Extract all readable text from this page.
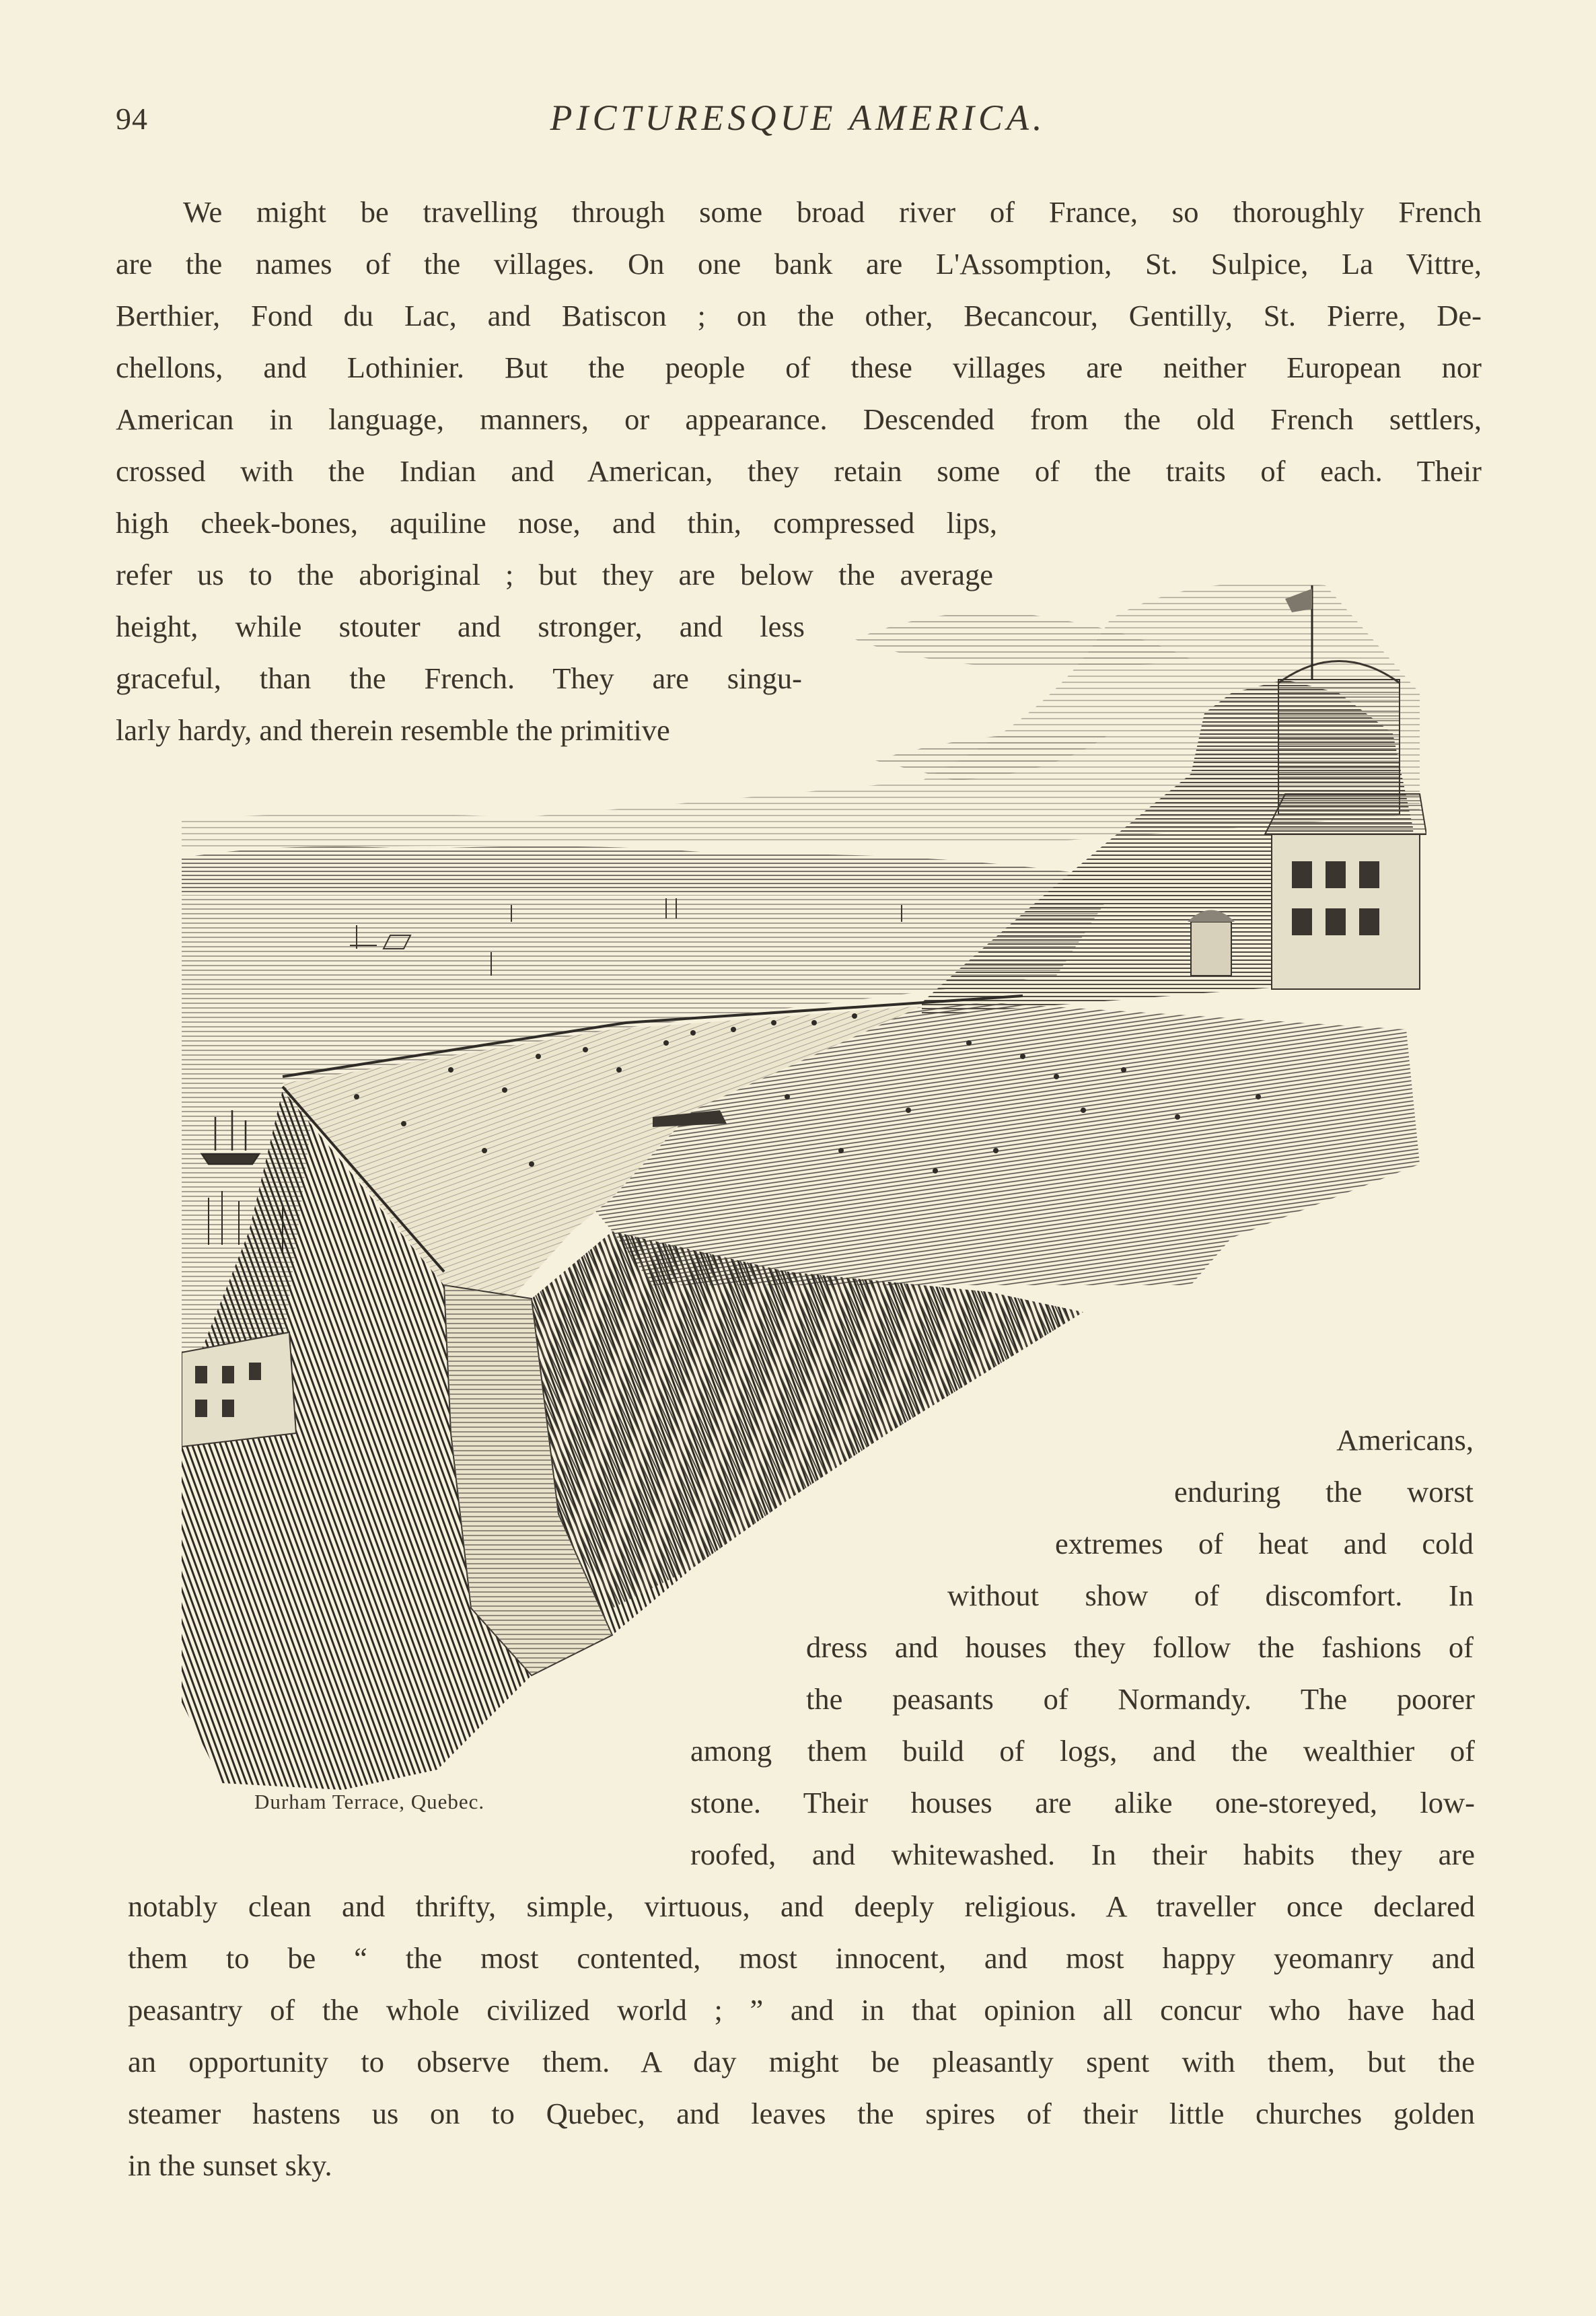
94	PICTURESQUE AMERICA.
We might be travelling through some broad river of France, so thoroughly French
are the names of the villages. On one bank are L'Assomption, St. Sulpice, La Vittre,
Berthier, Fond du Lac, and Batiscon ; on the other, Becancour, Gentilly, St. Pierre, De-
chellons, and Lothinier. But the people of these villages are neither European nor
American in language, manners, or appearance. Descended from the old French settlers,
crossed with the Indian and American, they retain some of the traits of each. Their
high cheek-bones, aquiline nose, and thin, compressed lips,
refer us to the aboriginal ; but they are below the average
height, while stouter and stronger, and less
graceful, than the French. They are singu-
larly hardy, and therein resemble the primitive
Americans,
enduring the worst
extremes of heat and cold
without show of discomfort. In
dress and houses they follow the fashions of
the peasants of Normandy. The poorer
among them build of logs, and the wealthier of
stone. Their houses are alike one-storeyed, low-
roofed, and whitewashed. In their habits they are
notably clean and thrifty, simple, virtuous, and deeply religious. A traveller once declared
them to be “ the most contented, most innocent, and most happy yeomanry and
peasantry of the whole civilized world ; ” and in that opinion all concur who have had
an opportunity to observe them. A day might be pleasantly spent with them, but the
steamer hastens us on to Quebec, and leaves the spires of their little churches golden
in the sunset sky.
Durham Terrace, Quebec.
